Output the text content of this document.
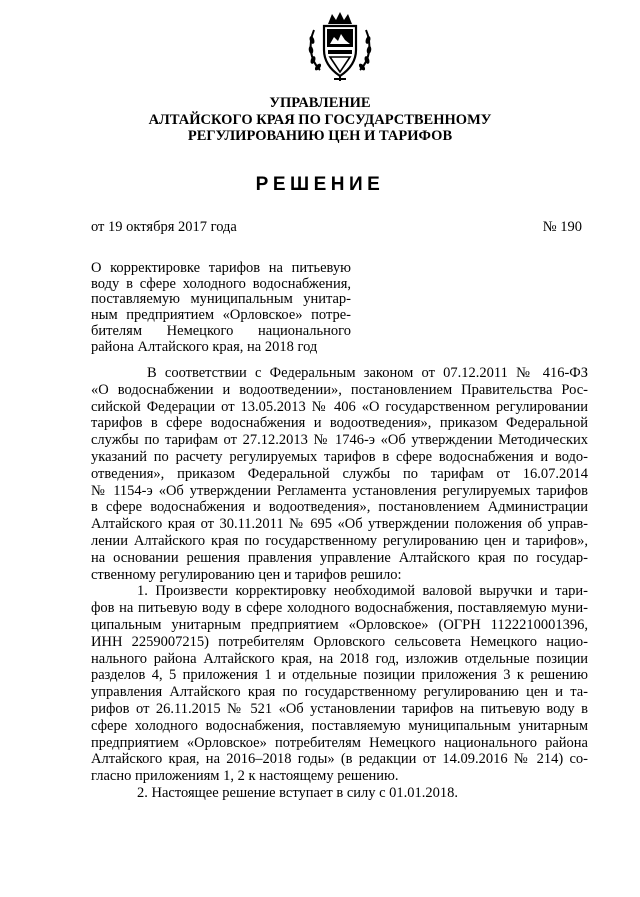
УПРАВЛЕНИЕ
АЛТАЙСКОГО КРАЯ ПО ГОСУДАРСТВЕННОМУ
РЕГУЛИРОВАНИЮ ЦЕН И ТАРИФОВ
РЕШЕНИЕ
от 19 октября 2017 года	№ 190
О корректировке тарифов на питьевую
воду в сфере холодного водоснабжения,
поставляемую муниципальным унитар-
ным предприятием «Орловское» потре-
бителям Немецкого национального
района Алтайского края, на 2018 год
В соответствии с Федеральным законом от 07.12.2011 № 416-ФЗ
«О водоснабжении и водоотведении», постановлением Правительства Рос-
сийской Федерации от 13.05.2013 № 406 «О государственном регулировании
тарифов в сфере водоснабжения и водоотведения», приказом Федеральной
службы по тарифам от 27.12.2013 № 1746-э «Об утверждении Методических
указаний по расчету регулируемых тарифов в сфере водоснабжения и водо-
отведения», приказом Федеральной службы по тарифам от 16.07.2014
№ 1154-э «Об утверждении Регламента установления регулируемых тарифов
в сфере водоснабжения и водоотведения», постановлением Администрации
Алтайского края от 30.11.2011 № 695 «Об утверждении положения об управ-
лении Алтайского края по государственному регулированию цен и тарифов»,
на основании решения правления управление Алтайского края по государ-
ственному регулированию цен и тарифов решило:
1. Произвести корректировку необходимой валовой выручки и тари-
фов на питьевую воду в сфере холодного водоснабжения, поставляемую муни-
ципальным унитарным предприятием «Орловское» (ОГРН 1122210001396,
ИНН 2259007215) потребителям Орловского сельсовета Немецкого нацио-
нального района Алтайского края, на 2018 год, изложив отдельные позиции
разделов 4, 5 приложения 1 и отдельные позиции приложения 3 к решению
управления Алтайского края по государственному регулированию цен и та-
рифов от 26.11.2015 № 521 «Об установлении тарифов на питьевую воду в
сфере холодного водоснабжения, поставляемую муниципальным унитарным
предприятием «Орловское» потребителям Немецкого национального района
Алтайского края, на 2016–2018 годы» (в редакции от 14.09.2016 № 214) со-
гласно приложениям 1, 2 к настоящему решению.
2. Настоящее решение вступает в силу с 01.01.2018.
